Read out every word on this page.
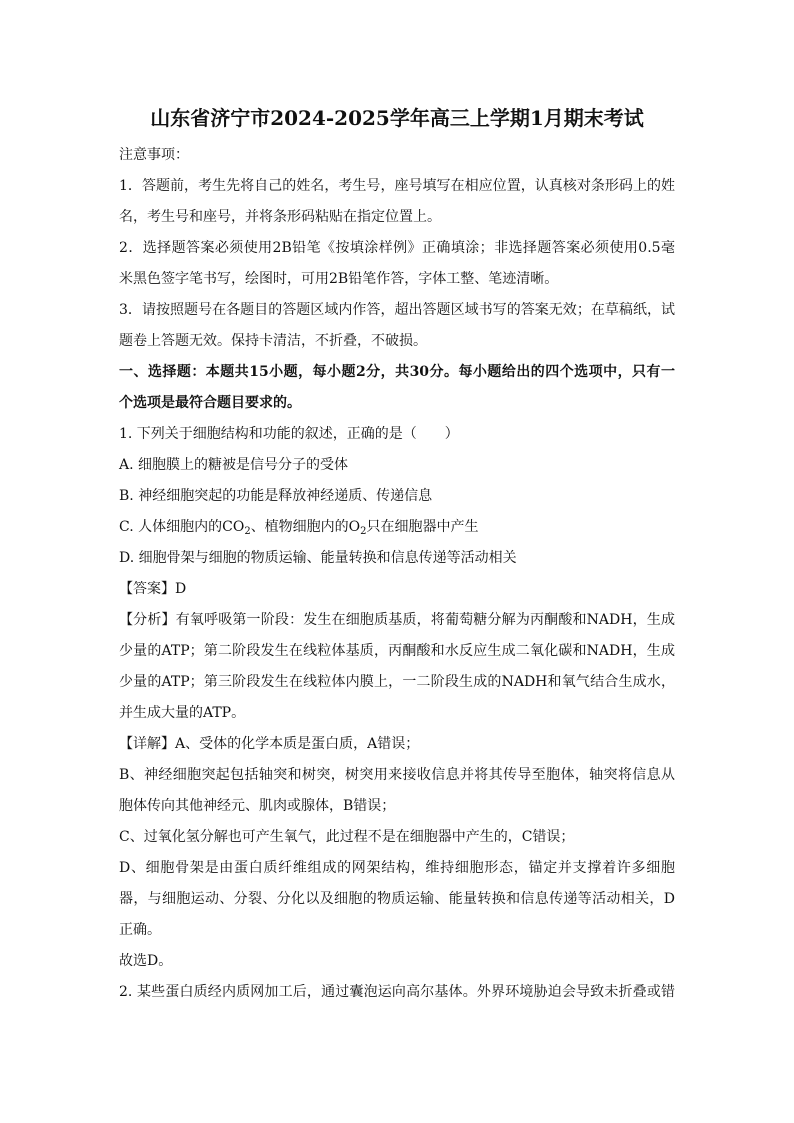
山东省济宁市2024-2025学年高三上学期1月期末考试
注意事项：
1．答题前，考生先将自己的姓名，考生号，座号填写在相应位置，认真核对条形码上的姓
名，考生号和座号，并将条形码粘贴在指定位置上。
2．选择题答案必须使用2B铅笔《按填涂样例》正确填涂；非选择题答案必须使用0.5毫
米黑色签字笔书写，绘图时，可用2B铅笔作答，字体工整、笔迹清晰。
3．请按照题号在各题目的答题区域内作答，超出答题区域书写的答案无效；在草稿纸，试
题卷上答题无效。保持卡清洁，不折叠，不破损。
一、选择题：本题共15小题，每小题2分，共30分。每小题给出的四个选项中，只有一
个选项是最符合题目要求的。
1. 下列关于细胞结构和功能的叙述，正确的是（　　）
A. 细胞膜上的糖被是信号分子的受体
B. 神经细胞突起的功能是释放神经递质、传递信息
C. 人体细胞内的$CO_2$、植物细胞内的$O_2$只在细胞器中产生
D. 细胞骨架与细胞的物质运输、能量转换和信息传递等活动相关
【答案】D
【分析】有氧呼吸第一阶段：发生在细胞质基质，将葡萄糖分解为丙酮酸和NADH，生成
少量的ATP；第二阶段发生在线粒体基质，丙酮酸和水反应生成二氧化碳和NADH，生成
少量的ATP；第三阶段发生在线粒体内膜上，一二阶段生成的NADH和氧气结合生成水，
并生成大量的ATP。
【详解】A、受体的化学本质是蛋白质，A错误；
B、神经细胞突起包括轴突和树突，树突用来接收信息并将其传导至胞体，轴突将信息从
胞体传向其他神经元、肌肉或腺体，B错误；
C、过氧化氢分解也可产生氧气，此过程不是在细胞器中产生的，C错误；
D、细胞骨架是由蛋白质纤维组成的网架结构，维持细胞形态，锚定并支撑着许多细胞
器，与细胞运动、分裂、分化以及细胞的物质运输、能量转换和信息传递等活动相关，D
正确。
故选D。
2. 某些蛋白质经内质网加工后，通过囊泡运向高尔基体。外界环境胁迫会导致未折叠或错
